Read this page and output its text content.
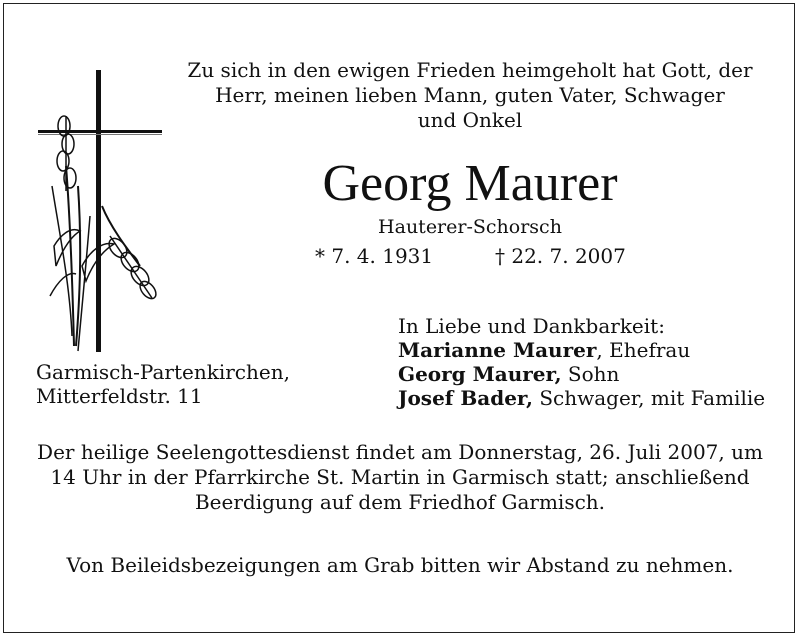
Zu sich in den ewigen Frieden heimgeholt hat Gott, der
Herr, meinen lieben Mann, guten Vater, Schwager
und Onkel
Georg Maurer
Hauterer-Schorsch
* 7. 4. 1931	† 22. 7. 2007
Garmisch-Partenkirchen,
Mitterfeldstr. 11
In Liebe und Dankbarkeit:
Marianne Maurer, Ehefrau
Georg Maurer, Sohn
Josef Bader, Schwager, mit Familie
Der heilige Seelengottesdienst findet am Donnerstag, 26. Juli 2007, um
14 Uhr in der Pfarrkirche St. Martin in Garmisch statt; anschließend
Beerdigung auf dem Friedhof Garmisch.
Von Beileidsbezeigungen am Grab bitten wir Abstand zu nehmen.
